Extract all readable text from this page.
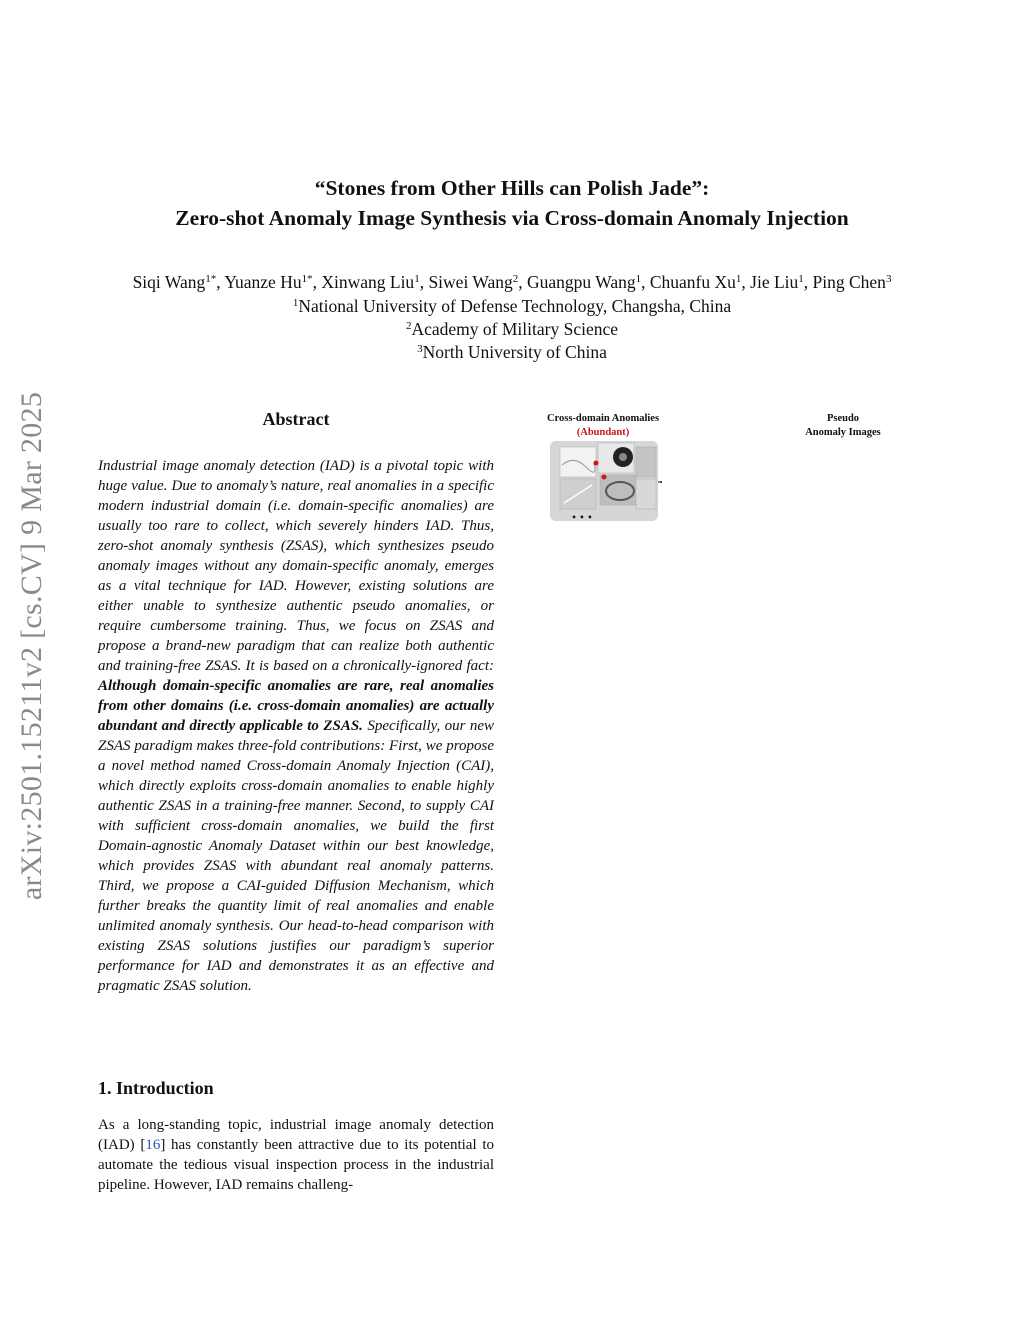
arXiv:2501.15211v2 [cs.CV] 9 Mar 2025
“Stones from Other Hills can Polish Jade”:
Zero-shot Anomaly Image Synthesis via Cross-domain Anomaly Injection
Siqi Wang$^{1*}$, Yuanze $Hu^{1*}$, Xinwang Liu$^1$, Siwei Wang$^2$, Guangpu Wang$^1$, Chuanfu Xu$^1$, Jie Liu$^1$, Ping Chen$^3$
$^1$National University of Defense Technology, Changsha, China
$^2$Academy of Military Science
$^3$North University of China
Abstract
Industrial image anomaly detection (IAD) is a pivotal topic with huge value. Due to anomaly’s nature, real anomalies in a specific modern industrial domain (i.e. domain-specific anomalies) are usually too rare to collect, which severely hinders IAD. Thus, zero-shot anomaly synthesis (ZSAS), which synthesizes pseudo anomaly images without any domain-specific anomaly, emerges as a vital technique for IAD. However, existing solutions are either unable to synthesize authentic pseudo anomalies, or require cumbersome training. Thus, we focus on ZSAS and propose a brand-new paradigm that can realize both authentic and training-free ZSAS. It is based on a chronically-ignored fact: Although domain-specific anomalies are rare, real anomalies from other domains (i.e. cross-domain anomalies) are actually abundant and directly applicable to ZSAS. Specifically, our new ZSAS paradigm makes three-fold contributions: First, we propose a novel method named Cross-domain Anomaly Injection (CAI), which directly exploits cross-domain anomalies to enable highly authentic ZSAS in a training-free manner. Second, to supply CAI with sufficient cross-domain anomalies, we build the first Domain-agnostic Anomaly Dataset within our best knowledge, which provides ZSAS with abundant real anomaly patterns. Third, we propose a CAI-guided Diffusion Mechanism, which further breaks the quantity limit of real anomalies and enable unlimited anomaly synthesis. Our head-to-head comparison with existing ZSAS solutions justifies our paradigm’s superior performance for IAD and demonstrates it as an effective and pragmatic ZSAS solution.
1. Introduction
As a long-standing topic, industrial image anomaly detection (IAD) [16] has constantly been attractive due to its potential to automate the tedious visual inspection process in the industrial pipeline. However, IAD remains challeng-
Cross-domain Anomalies
(Abundant)
Pseudo
Anomaly Images
• • •
